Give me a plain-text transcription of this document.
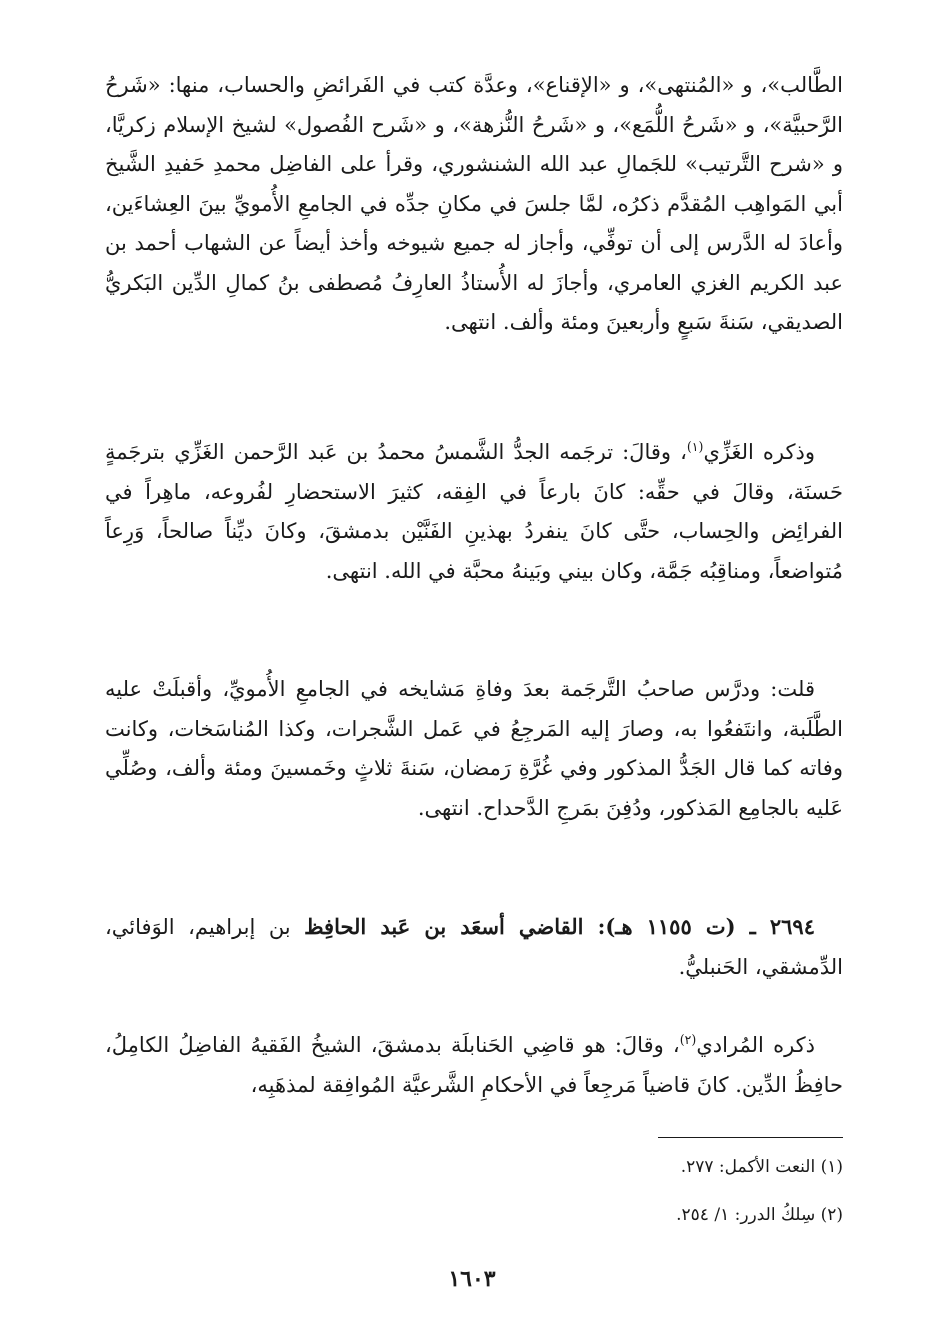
الطَّالب»، و «المُنتهى»، و «الإقناع»، وعدَّة كتب في الفَرائضِ والحساب، منها: «شَرحُ الرَّحبيَّة»، و «شَرحُ اللُّمَع»، و «شَرحُ النُّزهة»، و «شَرح الفُصول» لشيخ الإسلام زكريَّا، و «شرح التَّرتيب» للجَمالِ عبد الله الشنشوري، وقرأ على الفاضِل محمدِ حَفيدِ الشَّيخ أبي المَواهِب المُقدَّم ذكرُه، لمَّا جلسَ في مكانِ جدِّه في الجامعِ الأُمويِّ بينَ العِشاءَين، وأعادَ له الدَّرس إلى أن توفِّي، وأجاز له جميع شيوخه وأخذ أيضاً عن الشهاب أحمد بن عبد الكريم الغزي العامري، وأجازَ له الأُستاذُ العارِفُ مُصطفى بنُ كمالِ الدِّين البَكريُّ الصديقي، سَنةَ سَبعٍ وأربعينَ ومئة وألف. انتهى.

وذكره الغَزِّي$^{(١)}$، وقالَ: ترجَمه الجدُّ الشَّمسُ محمدُ بن عَبد الرَّحمن الغَزِّي بترجَمةٍ حَسنَة، وقالَ في حقِّه: كانَ بارعاً في الفِقه، كثيرَ الاستحضارِ لفُروعه، ماهِراً في الفرائِض والحِساب، حتَّى كانَ ينفردُ بهذينِ الفَنَّيْن بدمشقَ، وكانَ ديِّناً صالحاً، وَرِعاً مُتواضعاً، ومناقِبُه جَمَّة، وكان بيني وبَينهُ محبَّة في الله. انتهى.

قلت: ودرَّس صاحبُ التَّرجَمة بعدَ وفاةِ مَشايخه في الجامعِ الأُمويِّ، وأقبلَتْ عليه الطَّلَبة، وانتَفعُوا به، وصارَ إليه المَرجِعُ في عَمل الشَّجرات، وكذا المُناسَخات، وكانت وفاته كما قال الجَدُّ المذكور وفي غُرَّةِ رَمضان، سَنةَ ثلاثٍ وخَمسينَ ومئة وألف، وصُلِّي عَليه بالجامِع المَذكور، ودُفِنَ بمَرجِ الدَّحداح. انتهى.

٢٦٩٤ ـ (ت ١١٥٥ هـ): القاضي أسعَد بن عَبد الحافِظ بن إبراهيم، الوَفائي، الدِّمشقي، الحَنبليُّ.

ذكره المُرادي$^{(٢)}$، وقالَ: هو قاضِي الحَنابلَة بدمشقَ، الشيخُ الفَقيهُ الفاضِلُ الكامِلُ، حافِظُ الدِّين. كانَ قاضياً مَرجِعاً في الأحكامِ الشَّرعيَّة المُوافِقة لمذهَبِه،

(١) النعت الأكمل: ٢٧٧.
(٢) سِلكُ الدرر: ١/ ٢٥٤.
١٦٠٣
